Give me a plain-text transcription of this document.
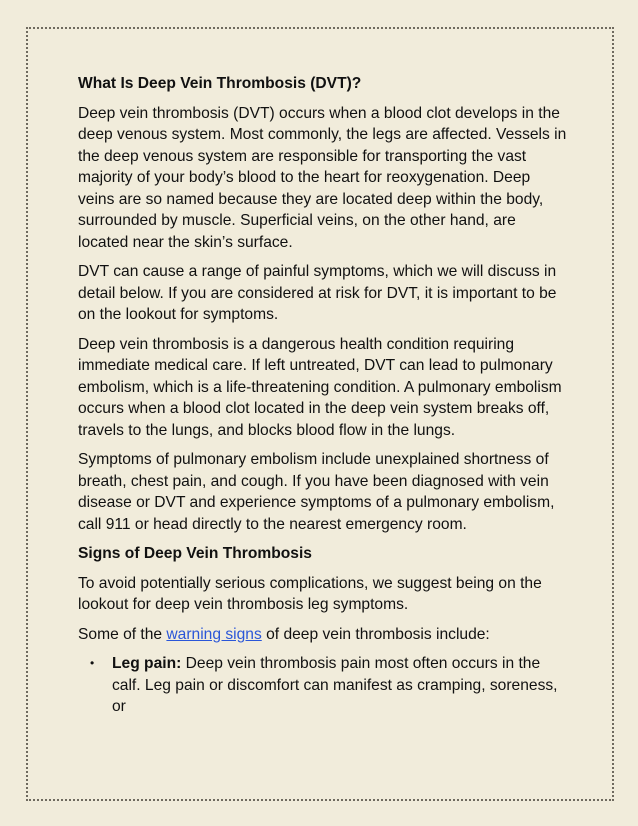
What Is Deep Vein Thrombosis (DVT)?

Deep vein thrombosis (DVT) occurs when a blood clot develops in the deep venous system. Most commonly, the legs are affected. Vessels in the deep venous system are responsible for transporting the vast majority of your body’s blood to the heart for reoxygenation. Deep veins are so named because they are located deep within the body, surrounded by muscle. Superficial veins, on the other hand, are located near the skin’s surface.

DVT can cause a range of painful symptoms, which we will discuss in detail below. If you are considered at risk for DVT, it is important to be on the lookout for symptoms.

Deep vein thrombosis is a dangerous health condition requiring immediate medical care. If left untreated, DVT can lead to pulmonary embolism, which is a life-threatening condition. A pulmonary embolism occurs when a blood clot located in the deep vein system breaks off, travels to the lungs, and blocks blood flow in the lungs.

Symptoms of pulmonary embolism include unexplained shortness of breath, chest pain, and cough. If you have been diagnosed with vein disease or DVT and experience symptoms of a pulmonary embolism, call 911 or head directly to the nearest emergency room.

Signs of Deep Vein Thrombosis

To avoid potentially serious complications, we suggest being on the lookout for deep vein thrombosis leg symptoms.

Some of the warning signs of deep vein thrombosis include:

• Leg pain: Deep vein thrombosis pain most often occurs in the calf. Leg pain or discomfort can manifest as cramping, soreness, or
